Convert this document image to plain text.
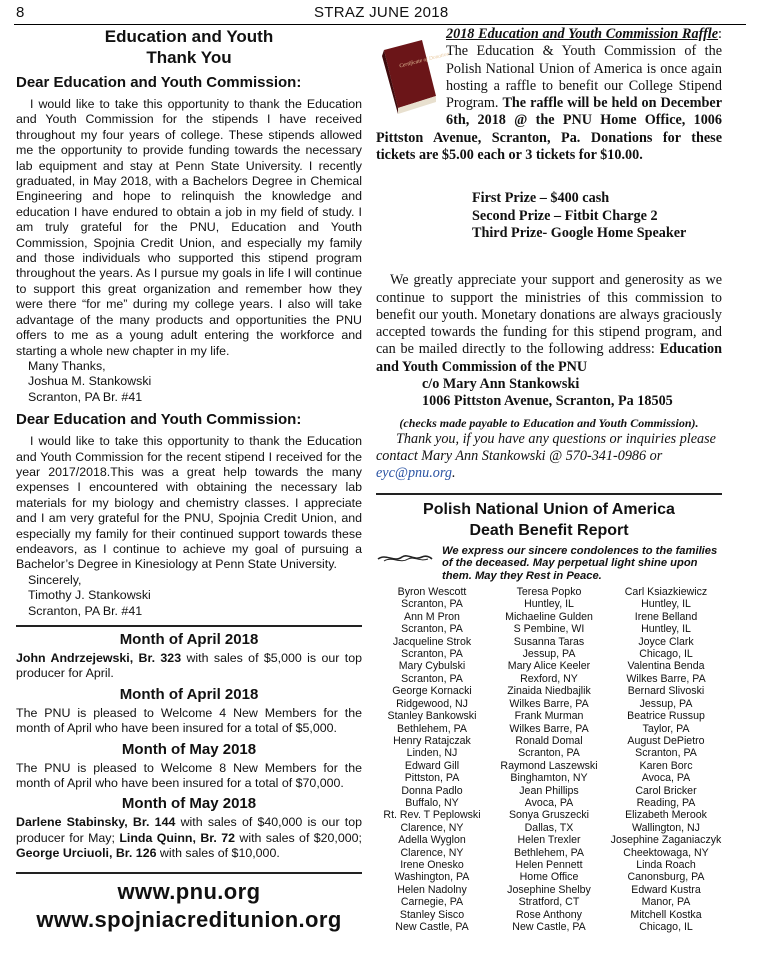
8	STRAZ JUNE 2018
Education and Youth
Thank You
Dear Education and Youth Commission:

I would like to take this opportunity to thank the Education and Youth Commission for the stipends I have received throughout my four years of college. These stipends allowed me the opportunity to provide funding towards the necessary lab equipment and stay at Penn State University. I recently graduated, in May 2018, with a Bachelors Degree in Chemical Engineering and hope to relinquish the knowledge and education I have endured to obtain a job in my field of study. I am truly grateful for the PNU, Education and Youth Commission, Spojnia Credit Union, and especially my family and those individuals who supported this stipend program throughout the years. As I pursue my goals in life I will continue to support this great organization and remember how they were there “for me” during my college years. I also will take advantage of the many products and opportunities the PNU offers to me as a young adult entering the workforce and starting a whole new chapter in my life.

Many Thanks,
Joshua M. Stankowski
Scranton, PA Br. #41
Dear Education and Youth Commission:

I would like to take this opportunity to thank the Education and Youth Commission for the recent stipend I received for the year 2017/2018.This was a great help towards the many expenses I encountered with obtaining the necessary lab materials for my biology and chemistry classes. I appreciate and I am very grateful for the PNU, Spojnia Credit Union, and especially my family for their continued support towards these endeavors, as I continue to achieve my goal of pursuing a Bachelor’s Degree in Kinesiology at Penn State University.

Sincerely,
Timothy J. Stankowski
Scranton, PA Br. #41
Month of April 2018

John Andrzejewski, Br. 323 with sales of $5,000 is our top producer for April.

Month of April 2018

The PNU is pleased to Welcome 4 New Members for the month of April who have been insured for a total of $5,000.

Month of May 2018

The PNU is pleased to Welcome 8 New Members for the month of April who have been insured for a total of $70,000.

Month of May 2018

Darlene Stabinsky, Br. 144 with sales of $40,000 is our top producer for May; Linda Quinn, Br. 72 with sales of $20,000; George Urciuoli, Br. 126 with sales of $10,000.

www.pnu.org
www.spojniacreditunion.org
Certificate of Donation
2018 Education and Youth Commission Raffle: The Education & Youth Commission of the Polish National Union of America is once again hosting a raffle to benefit our College Stipend Program. The raffle will be held on December 6th, 2018 @ the PNU Home Office, 1006 Pittston Avenue, Scranton, Pa. Donations for these tickets are $5.00 each or 3 tickets for $10.00.
First Prize – $400 cash
Second Prize – Fitbit Charge 2
Third Prize- Google Home Speaker
We greatly appreciate your support and generosity as we continue to support the ministries of this commission to benefit our youth. Monetary donations are always graciously accepted towards the funding for this stipend program, and can be mailed directly to the following address: Education and Youth Commission of the PNU
c/o Mary Ann Stankowski
1006 Pittston Avenue, Scranton, Pa 18505
(checks made payable to Education and Youth Commission).
Thank you, if you have any questions or inquiries please contact Mary Ann Stankowski @ 570-341-0986 or eyc@pnu.org.
Polish National Union of America
Death Benefit Report
We express our sincere condolences to the families of the deceased. May perpetual light shine upon them. May they Rest in Peace.
Byron Wescott
Scranton, PA
Ann M Pron
Scranton, PA
Jacqueline Strok
Scranton, PA
Mary Cybulski
Scranton, PA
George Kornacki
Ridgewood, NJ
Stanley Bankowski
Bethlehem, PA
Henry Ratajczak
Linden, NJ
Edward Gill
Pittston, PA
Donna Padlo
Buffalo, NY
Rt. Rev. T Peplowski
Clarence, NY
Adella Wyglon
Clarence, NY
Irene Onesko
Washington, PA
Helen Nadolny
Carnegie, PA
Stanley Sisco
New Castle, PA
Teresa Popko
Huntley, IL
Michaeline Gulden
S Pembine, WI
Susanna Taras
Jessup, PA
Mary Alice Keeler
Rexford, NY
Zinaida Niedbajlik
Wilkes Barre, PA
Frank Murman
Wilkes Barre, PA
Ronald Domal
Scranton, PA
Raymond Laszewski
Binghamton, NY
Jean Phillips
Avoca, PA
Sonya Gruszecki
Dallas, TX
Helen Trexler
Bethlehem, PA
Helen Pennett
Home Office
Josephine Shelby
Stratford, CT
Rose Anthony
New Castle, PA
Carl Ksiazkiewicz
Huntley, IL
Irene Belland
Huntley, IL
Joyce Clark
Chicago, IL
Valentina Benda
Wilkes Barre, PA
Bernard Slivoski
Jessup, PA
Beatrice Russup
Taylor, PA
August DePietro
Scranton, PA
Karen Borc
Avoca, PA
Carol Bricker
Reading, PA
Elizabeth Merook
Wallington, NJ
Josephine Zaganiaczyk
Cheektowaga, NY
Linda Roach
Canonsburg, PA
Edward Kustra
Manor, PA
Mitchell Kostka
Chicago, IL
